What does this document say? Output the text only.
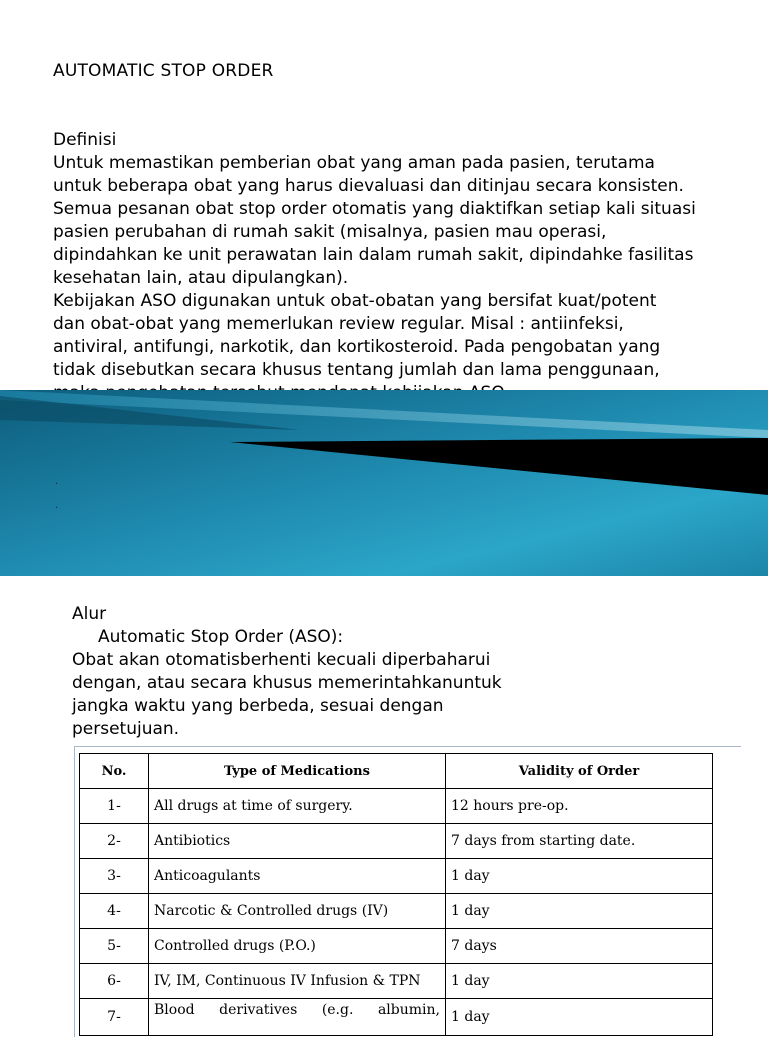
AUTOMATIC STOP ORDER

Definisi

Untuk memastikan pemberian obat yang aman pada pasien, terutama

untuk beberapa obat yang harus dievaluasi dan ditinjau secara konsisten.

Semua pesanan obat stop order otomatis yang diaktifkan setiap kali situasi

pasien perubahan di rumah sakit (misalnya, pasien mau operasi,

dipindahkan ke unit perawatan lain dalam rumah sakit, dipindahke fasilitas

kesehatan lain, atau dipulangkan).

Kebijakan ASO digunakan untuk obat-obatan yang bersifat kuat/potent

dan obat-obat yang memerlukan review regular. Misal : antiinfeksi,

antiviral, antifungi, narkotik, dan kortikosteroid. Pada pengobatan yang

tidak disebutkan secara khusus tentang jumlah dan lama penggunaan,

.
.

Alur

Automatic Stop Order (ASO):

Obat akan otomatisberhenti kecuali diperbaharui

dengan, atau secara khusus memerintahkanuntuk

jangka waktu yang berbeda, sesuai dengan

persetujuan.

No.	Type of Medications	Validity of Order
1-	All drugs at time of surgery.	12 hours pre-op.
2-	Antibiotics	7 days from starting date.
3-	Anticoagulants	1 day
4-	Narcotic & Controlled drugs (IV)	1 day
5-	Controlled drugs (P.O.)	7 days
6-	IV, IM, Continuous IV Infusion & TPN	1 day
7-	Blood derivatives (e.g. albumin,	1 day
